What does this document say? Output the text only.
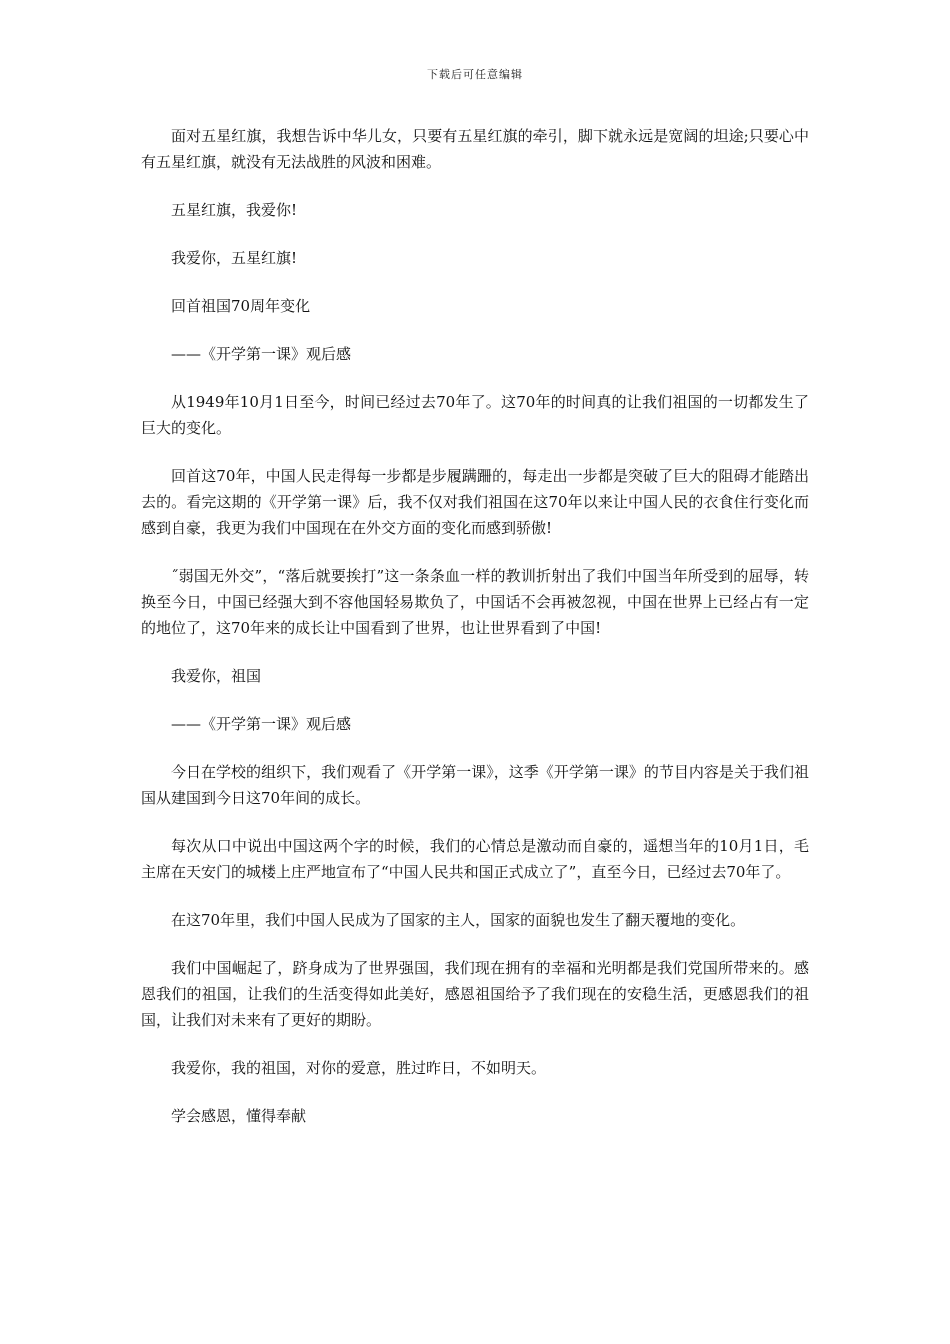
下载后可任意编辑

面对五星红旗，我想告诉中华儿女，只要有五星红旗的牵引，脚下就永远是宽阔的坦途;只要心中有五星红旗，就没有无法战胜的风波和困难。

五星红旗，我爱你!

我爱你，五星红旗!

回首祖国70周年变化

——《开学第一课》观后感

从1949年10月1日至今，时间已经过去70年了。这70年的时间真的让我们祖国的一切都发生了巨大的变化。

回首这70年，中国人民走得每一步都是步履蹒跚的，每走出一步都是突破了巨大的阻碍才能踏出去的。看完这期的《开学第一课》后，我不仅对我们祖国在这70年以来让中国人民的衣食住行变化而感到自豪，我更为我们中国现在在外交方面的变化而感到骄傲!

˝弱国无外交”，“落后就要挨打”这一条条血一样的教训折射出了我们中国当年所受到的屈辱，转换至今日，中国已经强大到不容他国轻易欺负了，中国话不会再被忽视，中国在世界上已经占有一定的地位了，这70年来的成长让中国看到了世界，也让世界看到了中国!

我爱你，祖国

——《开学第一课》观后感

今日在学校的组织下，我们观看了《开学第一课》，这季《开学第一课》的节目内容是关于我们祖国从建国到今日这70年间的成长。

每次从口中说出中国这两个字的时候，我们的心情总是激动而自豪的，遥想当年的10月1日，毛主席在天安门的城楼上庄严地宣布了“中国人民共和国正式成立了”，直至今日，已经过去70年了。

在这70年里，我们中国人民成为了国家的主人，国家的面貌也发生了翻天覆地的变化。

我们中国崛起了，跻身成为了世界强国，我们现在拥有的幸福和光明都是我们党国所带来的。感恩我们的祖国，让我们的生活变得如此美好，感恩祖国给予了我们现在的安稳生活，更感恩我们的祖国，让我们对未来有了更好的期盼。

我爱你，我的祖国，对你的爱意，胜过昨日，不如明天。

学会感恩，懂得奉献
